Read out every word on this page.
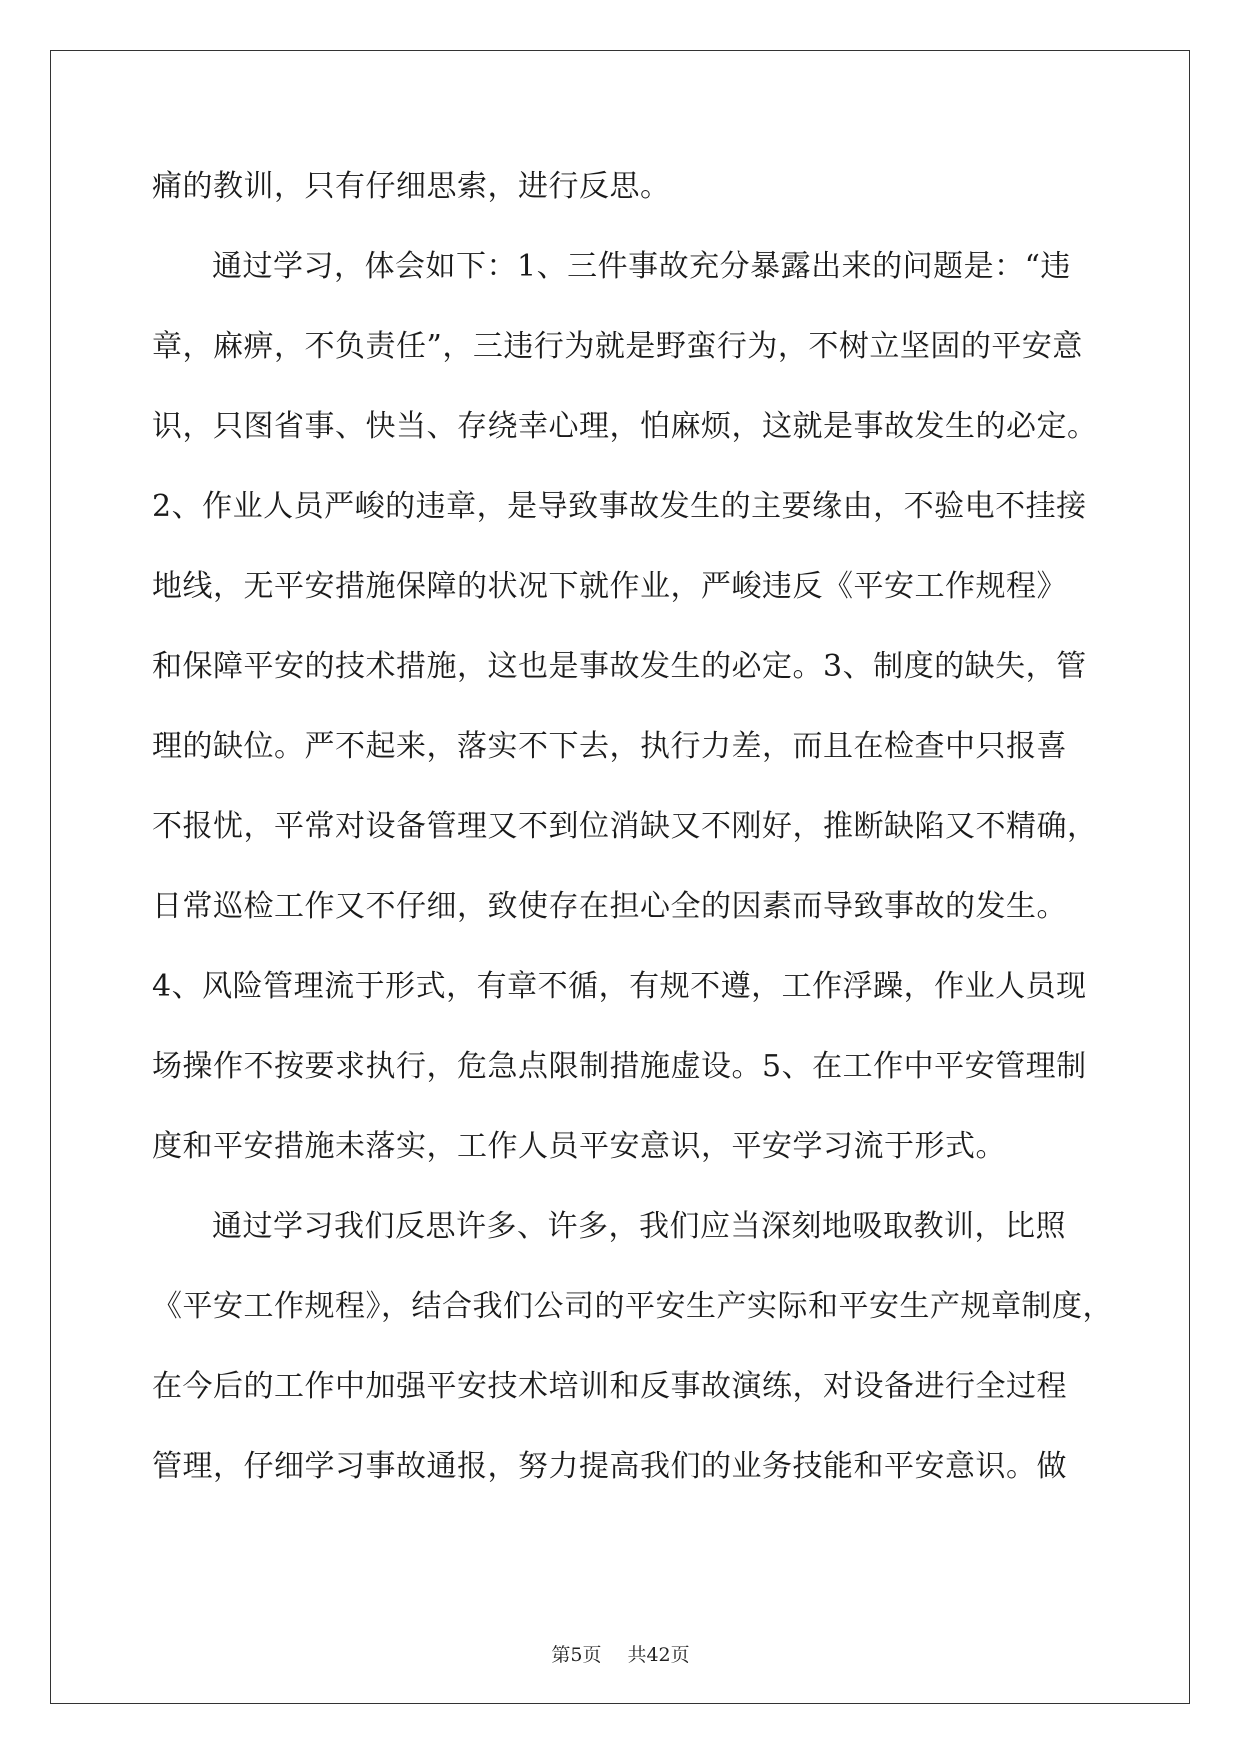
痛的教训，只有仔细思索，进行反思。
通过学习，体会如下：1、三件事故充分暴露出来的问题是：“违
章，麻痹，不负责任”，三违行为就是野蛮行为，不树立坚固的平安意
识，只图省事、快当、存绕幸心理，怕麻烦，这就是事故发生的必定。
2、作业人员严峻的违章，是导致事故发生的主要缘由，不验电不挂接
地线，无平安措施保障的状况下就作业，严峻违反《平安工作规程》
和保障平安的技术措施，这也是事故发生的必定。3、制度的缺失，管
理的缺位。严不起来，落实不下去，执行力差，而且在检查中只报喜
不报忧，平常对设备管理又不到位消缺又不刚好，推断缺陷又不精确，
日常巡检工作又不仔细，致使存在担心全的因素而导致事故的发生。
4、风险管理流于形式，有章不循，有规不遵，工作浮躁，作业人员现
场操作不按要求执行，危急点限制措施虚设。5、在工作中平安管理制
度和平安措施未落实，工作人员平安意识，平安学习流于形式。
通过学习我们反思许多、许多，我们应当深刻地吸取教训，比照
《平安工作规程》，结合我们公司的平安生产实际和平安生产规章制度，
在今后的工作中加强平安技术培训和反事故演练，对设备进行全过程
管理，仔细学习事故通报，努力提高我们的业务技能和平安意识。做
第5页 共42页
